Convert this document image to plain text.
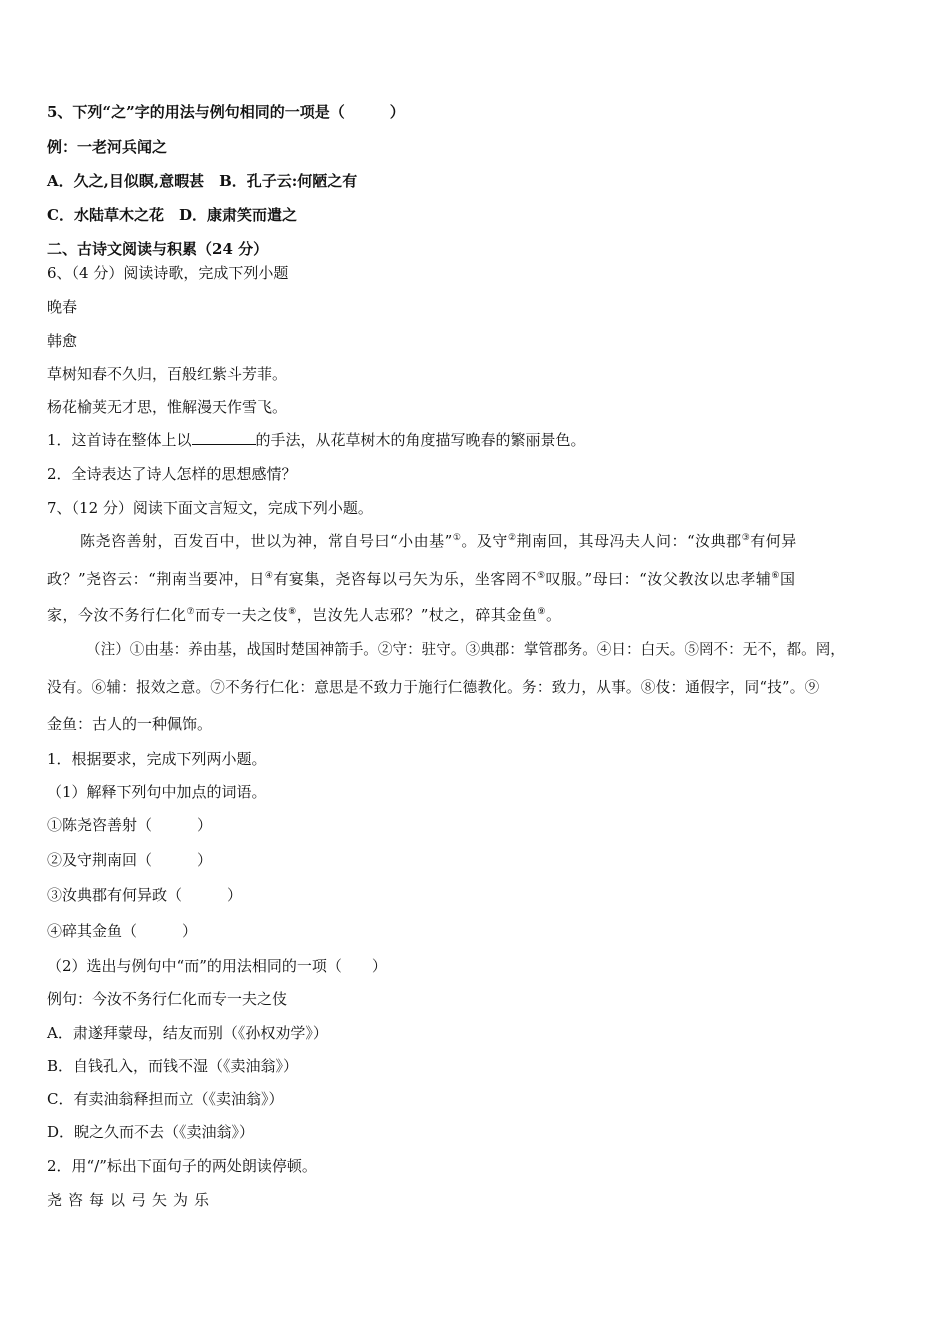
5、下列“之”字的用法与例句相同的一项是（　　　）
例：一老河兵闻之
A．久之,目似瞑,意暇甚　B．孔子云:何陋之有
C．水陆草木之花　D．康肃笑而遣之
二、古诗文阅读与积累（24 分）
6、（4 分）阅读诗歌，完成下列小题
晚春
韩愈
草树知春不久归，百般红紫斗芳菲。
杨花榆荚无才思，惟解漫天作雪飞。
1．这首诗在整体上以	的手法，从花草树木的角度描写晚春的繁丽景色。
2．全诗表达了诗人怎样的思想感情？
7、（12 分）阅读下面文言短文，完成下列小题。
陈尧咨善射，百发百中，世以为神，常自号曰“小由基”①。及守②荆南回，其母冯夫人问：“汝典郡③有何异
政？”尧咨云：“荆南当要冲，日④有宴集，尧咨每以弓矢为乐，坐客罔不⑤叹服。”母曰：“汝父教汝以忠孝辅⑥国
家，今汝不务行仁化⑦而专一夫之伎⑧，岂汝先人志邪？”杖之，碎其金鱼⑨。
（注）①由基：养由基，战国时楚国神箭手。②守：驻守。③典郡：掌管郡务。④日：白天。⑤罔不：无不，都。罔，
没有。⑥辅：报效之意。⑦不务行仁化：意思是不致力于施行仁德教化。务：致力，从事。⑧伎：通假字，同“技”。⑨
金鱼：古人的一种佩饰。
1．根据要求，完成下列两小题。
（1）解释下列句中加点的词语。
①陈尧咨善射（　　　）
②及守荆南回（　　　）
③汝典郡有何异政（　　　）
④碎其金鱼（　　　）
（2）选出与例句中“而”的用法相同的一项（　　）
例句：今汝不务行仁化而专一夫之伎
A．肃遂拜蒙母，结友而别（《孙权劝学》）
B．自钱孔入，而钱不湿（《卖油翁》）
C．有卖油翁释担而立（《卖油翁》）
D．睨之久而不去（《卖油翁》）
2．用“/”标出下面句子的两处朗读停顿。
尧咨每以弓矢为乐
